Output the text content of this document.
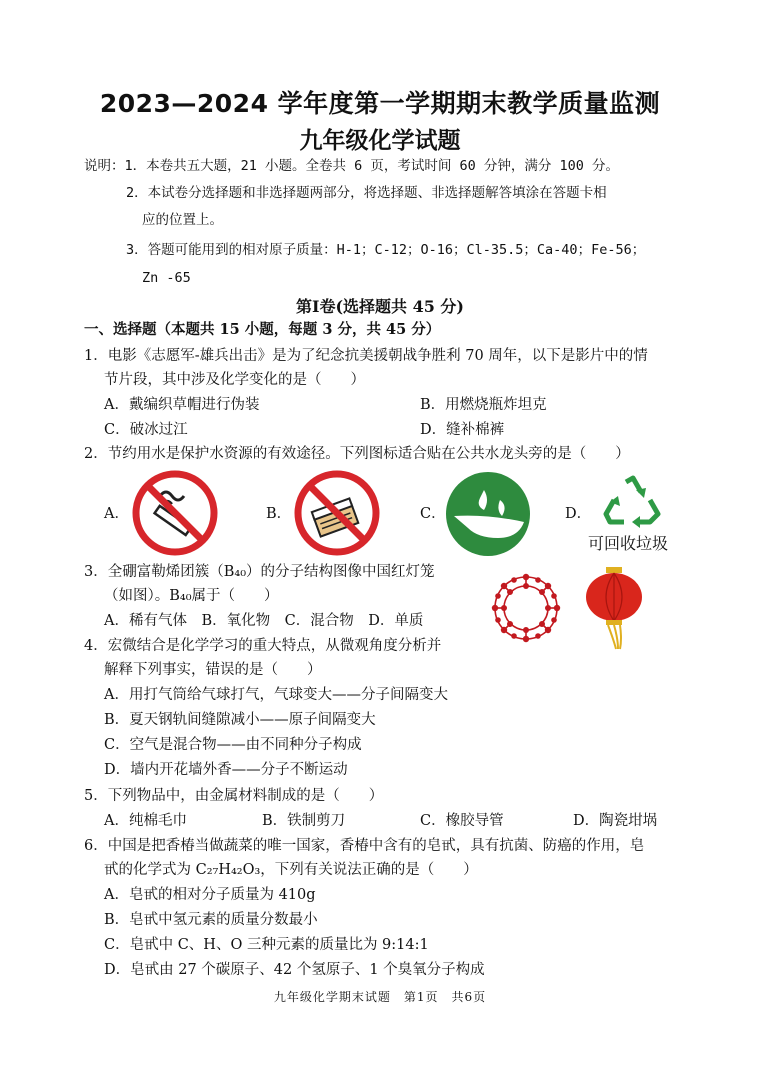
2023—2024 学年度第一学期期末教学质量监测
九年级化学试题
说明：1．本卷共五大题，21 小题。全卷共 6 页，考试时间 60 分钟，满分 100 分。
2．本试卷分选择题和非选择题两部分，将选择题、非选择题解答填涂在答题卡相
应的位置上。
3．答题可能用到的相对原子质量：H-1；C-12；O-16；Cl-35.5；Ca-40；Fe-56；
Zn -65
第Ⅰ卷(选择题共 45 分)
一、选择题（本题共 15 小题，每题 3 分，共 45 分）
1．电影《志愿军-雄兵出击》是为了纪念抗美援朝战争胜利 70 周年，以下是影片中的情
节片段，其中涉及化学变化的是（　　）
A．戴编织草帽进行伪装	B．用燃烧瓶炸坦克
C．破冰过江	D．缝补棉裤
2．节约用水是保护水资源的有效途径。下列图标适合贴在公共水龙头旁的是（　　）
A．	B．	C．	D．
可回收垃圾
3．全硼富勒烯团簇（B₄₀）的分子结构图像中国红灯笼
（如图）。B₄₀属于（　　）
A．稀有气体　B．氧化物　C．混合物　D．单质
4．宏微结合是化学学习的重大特点，从微观角度分析并
解释下列事实，错误的是（　　）
A．用打气筒给气球打气，气球变大——分子间隔变大
B．夏天钢轨间缝隙减小——原子间隔变大
C．空气是混合物——由不同种分子构成
D．墙内开花墙外香——分子不断运动
5．下列物品中，由金属材料制成的是（　　）
A．纯棉毛巾	B．铁制剪刀	C．橡胶导管	D．陶瓷坩埚
6．中国是把香椿当做蔬菜的唯一国家，香椿中含有的皂甙，具有抗菌、防癌的作用，皂
甙的化学式为 C₂₇H₄₂O₃，下列有关说法正确的是（　　）
A．皂甙的相对分子质量为 410g
B．皂甙中氢元素的质量分数最小
C．皂甙中 C、H、O 三种元素的质量比为 9:14:1
D．皂甙由 27 个碳原子、42 个氢原子、1 个臭氧分子构成
九年级化学期末试题　第1页　共6页
